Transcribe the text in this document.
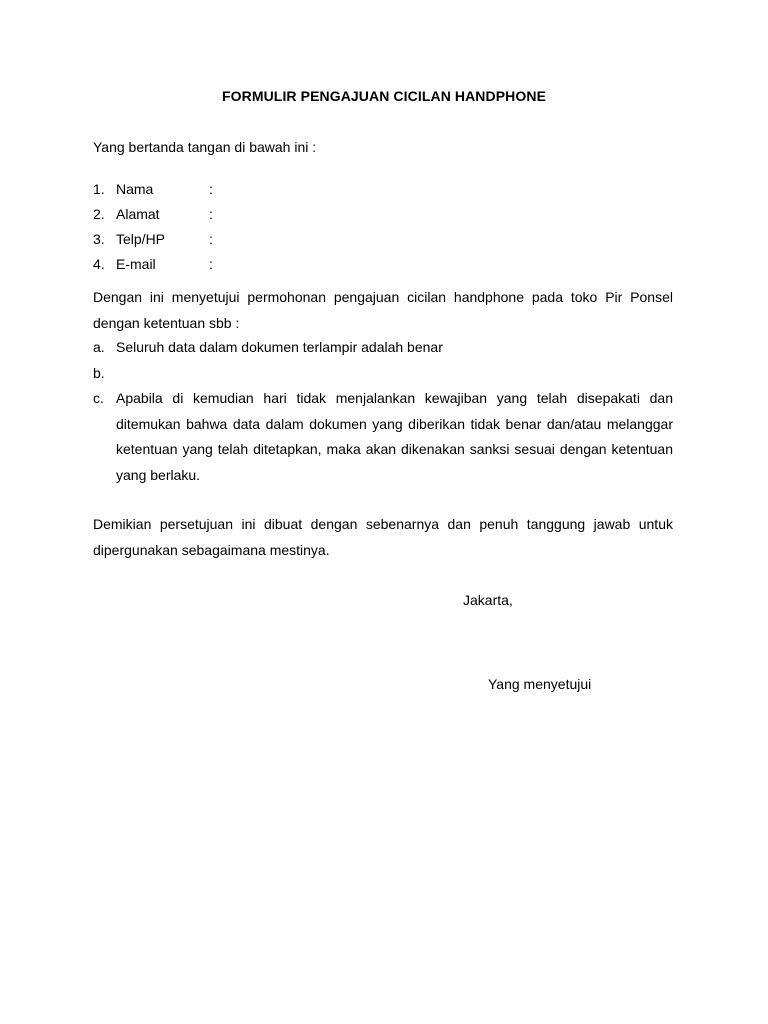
FORMULIR PENGAJUAN CICILAN HANDPHONE
Yang bertanda tangan di bawah ini :
1. Nama	:
2. Alamat	:
3. Telp/HP	:
4. E-mail	:
Dengan ini menyetujui permohonan pengajuan cicilan handphone pada toko Pir Ponsel dengan ketentuan sbb :
a. Seluruh data dalam dokumen terlampir adalah benar
b.

c. Apabila di kemudian hari tidak menjalankan kewajiban yang telah disepakati dan ditemukan bahwa data dalam dokumen yang diberikan tidak benar dan/atau melanggar ketentuan yang telah ditetapkan, maka akan dikenakan sanksi sesuai dengan ketentuan yang berlaku.
Demikian persetujuan ini dibuat dengan sebenarnya dan penuh tanggung jawab untuk dipergunakan sebagaimana mestinya.
Jakarta,
Yang menyetujui
